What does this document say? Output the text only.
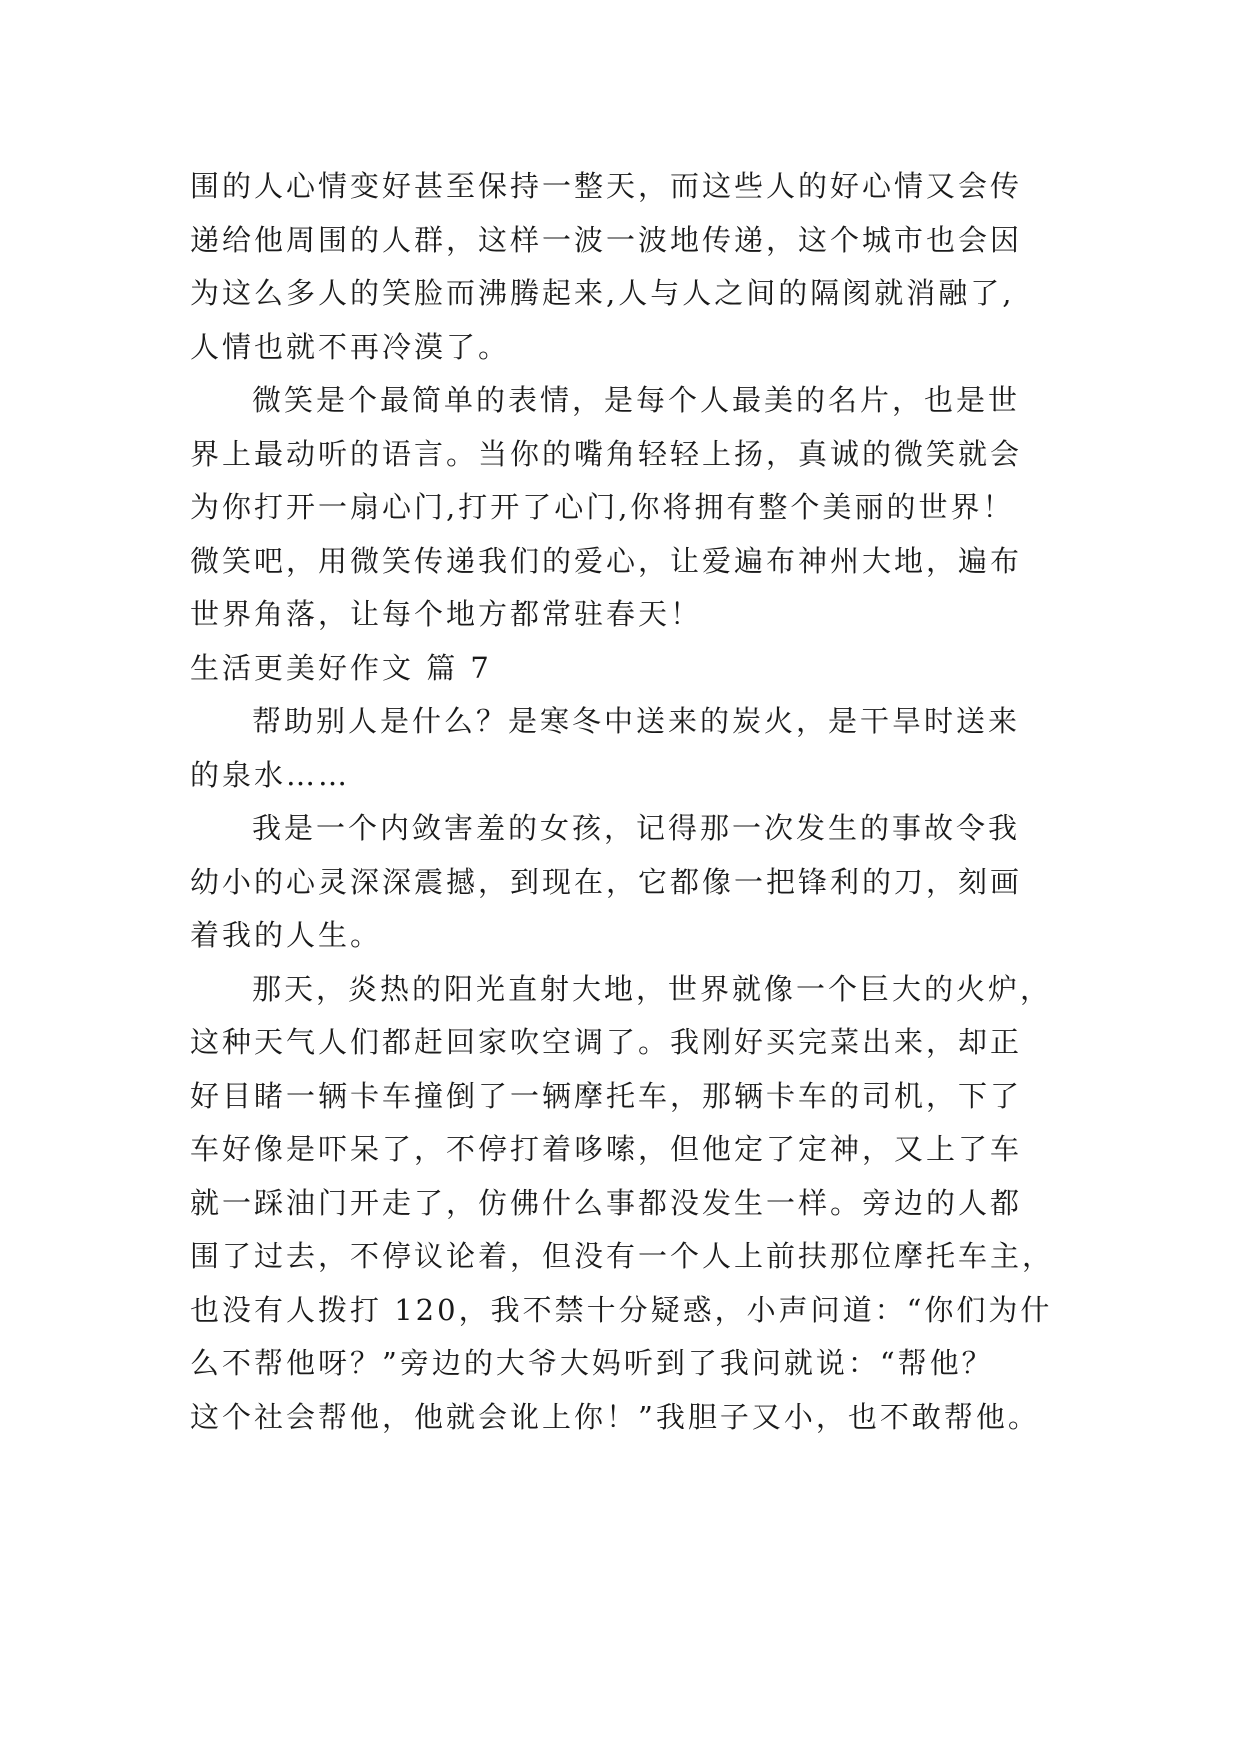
围的人心情变好甚至保持一整天，而这些人的好心情又会传
递给他周围的人群，这样一波一波地传递，这个城市也会因
为这么多人的笑脸而沸腾起来,人与人之间的隔阂就消融了,
人情也就不再冷漠了。
微笑是个最简单的表情，是每个人最美的名片，也是世
界上最动听的语言。当你的嘴角轻轻上扬，真诚的微笑就会
为你打开一扇心门,打开了心门,你将拥有整个美丽的世界！
微笑吧，用微笑传递我们的爱心，让爱遍布神州大地，遍布
世界角落，让每个地方都常驻春天！
生活更美好作文 篇 7
帮助别人是什么？是寒冬中送来的炭火，是干旱时送来
的泉水……
我是一个内敛害羞的女孩，记得那一次发生的事故令我
幼小的心灵深深震撼，到现在，它都像一把锋利的刀，刻画
着我的人生。
那天，炎热的阳光直射大地，世界就像一个巨大的火炉，
这种天气人们都赶回家吹空调了。我刚好买完菜出来，却正
好目睹一辆卡车撞倒了一辆摩托车，那辆卡车的司机，下了
车好像是吓呆了，不停打着哆嗦，但他定了定神，又上了车
就一踩油门开走了，仿佛什么事都没发生一样。旁边的人都
围了过去，不停议论着，但没有一个人上前扶那位摩托车主，
也没有人拨打 120，我不禁十分疑惑，小声问道：“你们为什
么不帮他呀？”旁边的大爷大妈听到了我问就说：“帮他？
这个社会帮他，他就会讹上你！”我胆子又小，也不敢帮他。
